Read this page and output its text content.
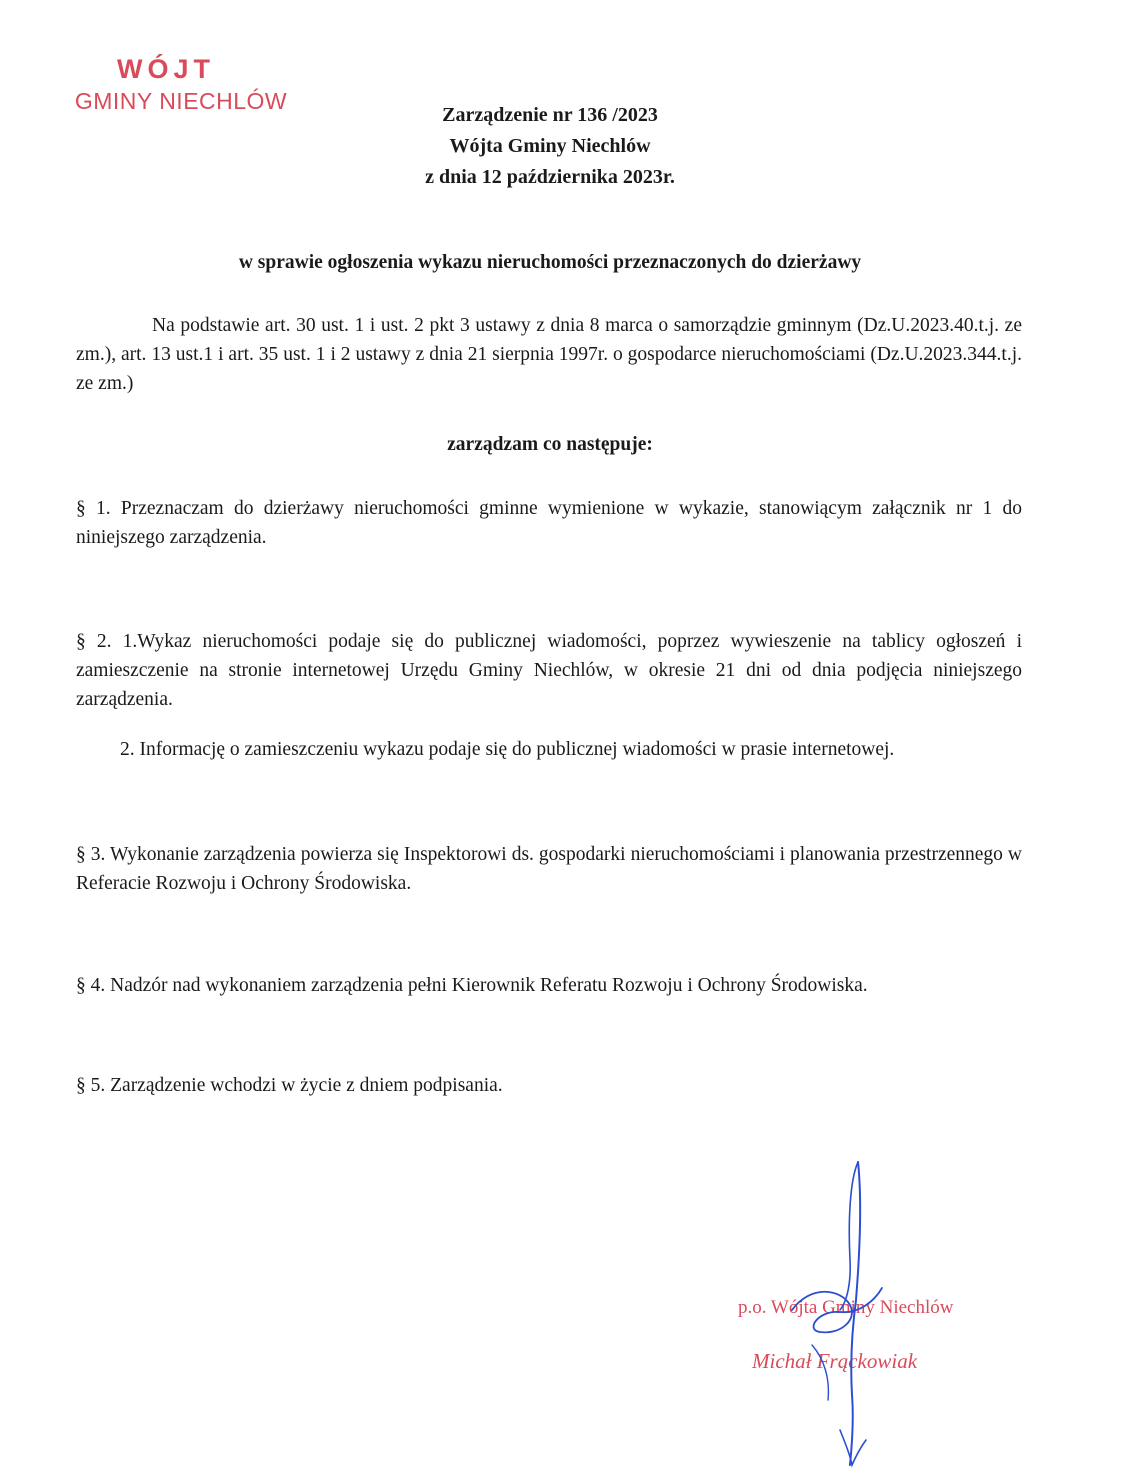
WÓJT
GMINY NIECHLÓW
Zarządzenie nr 136 /2023
Wójta Gminy Niechlów
z dnia 12 października 2023r.
w sprawie ogłoszenia wykazu nieruchomości przeznaczonych do dzierżawy
Na podstawie art. 30 ust. 1 i ust. 2 pkt 3 ustawy z dnia 8 marca o samorządzie gminnym (Dz.U.2023.40.t.j. ze zm.), art. 13 ust.1 i art. 35 ust. 1 i 2 ustawy z dnia 21 sierpnia 1997r. o gospodarce nieruchomościami (Dz.U.2023.344.t.j. ze zm.)
zarządzam co następuje:
§ 1. Przeznaczam do dzierżawy nieruchomości gminne wymienione w wykazie, stanowiącym załącznik nr 1 do niniejszego zarządzenia.
§ 2. 1.Wykaz nieruchomości podaje się do publicznej wiadomości, poprzez wywieszenie na tablicy ogłoszeń i zamieszczenie na stronie internetowej Urzędu Gminy Niechlów, w okresie 21 dni od dnia podjęcia niniejszego zarządzenia.
2. Informację o zamieszczeniu wykazu podaje się do publicznej wiadomości w prasie internetowej.
§ 3. Wykonanie zarządzenia powierza się Inspektorowi ds. gospodarki nieruchomościami i planowania przestrzennego w Referacie Rozwoju i Ochrony Środowiska.
§ 4. Nadzór nad wykonaniem zarządzenia pełni Kierownik Referatu Rozwoju i Ochrony Środowiska.
§ 5. Zarządzenie wchodzi w życie z dniem podpisania.
p.o. Wójta Gminy Niechlów
Michał Frąckowiak
